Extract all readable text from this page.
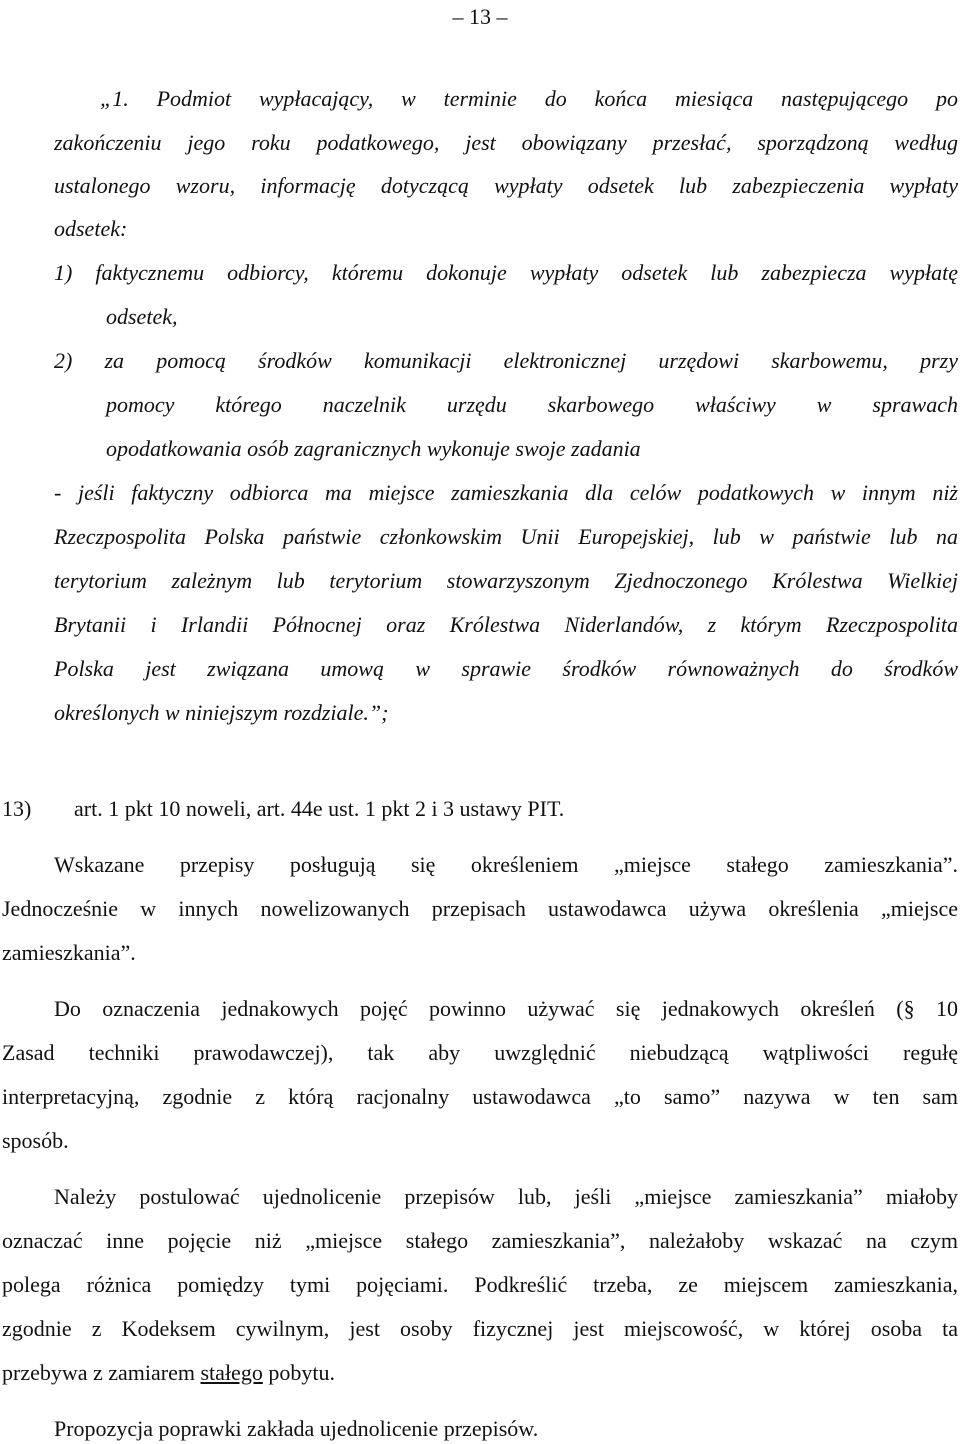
– 13 –
„1. Podmiot wypłacający, w terminie do końca miesiąca następującego po
zakończeniu jego roku podatkowego, jest obowiązany przesłać, sporządzoną według
ustalonego wzoru, informację dotyczącą wypłaty odsetek lub zabezpieczenia wypłaty
odsetek:
1) faktycznemu odbiorcy, któremu dokonuje wypłaty odsetek lub zabezpiecza wypłatę
odsetek,
2) za pomocą środków komunikacji elektronicznej urzędowi skarbowemu, przy
pomocy którego naczelnik urzędu skarbowego właściwy w sprawach
opodatkowania osób zagranicznych wykonuje swoje zadania
- jeśli faktyczny odbiorca ma miejsce zamieszkania dla celów podatkowych w innym niż
Rzeczpospolita Polska państwie członkowskim Unii Europejskiej, lub w państwie lub na
terytorium zależnym lub terytorium stowarzyszonym Zjednoczonego Królestwa Wielkiej
Brytanii i Irlandii Północnej oraz Królestwa Niderlandów, z którym Rzeczpospolita
Polska jest związana umową w sprawie środków równoważnych do środków
określonych w niniejszym rozdziale.”;
13) art. 1 pkt 10 noweli, art. 44e ust. 1 pkt 2 i 3 ustawy PIT.
Wskazane przepisy posługują się określeniem „miejsce stałego zamieszkania”.
Jednocześnie w innych nowelizowanych przepisach ustawodawca używa określenia „miejsce
zamieszkania”.
Do oznaczenia jednakowych pojęć powinno używać się jednakowych określeń (§ 10
Zasad techniki prawodawczej), tak aby uwzględnić niebudzącą wątpliwości regułę
interpretacyjną, zgodnie z którą racjonalny ustawodawca „to samo” nazywa w ten sam
sposób.
Należy postulować ujednolicenie przepisów lub, jeśli „miejsce zamieszkania” miałoby
oznaczać inne pojęcie niż „miejsce stałego zamieszkania”, należałoby wskazać na czym
polega różnica pomiędzy tymi pojęciami. Podkreślić trzeba, ze miejscem zamieszkania,
zgodnie z Kodeksem cywilnym, jest osoby fizycznej jest miejscowość, w której osoba ta
przebywa z zamiarem stałego pobytu.
Propozycja poprawki zakłada ujednolicenie przepisów.
